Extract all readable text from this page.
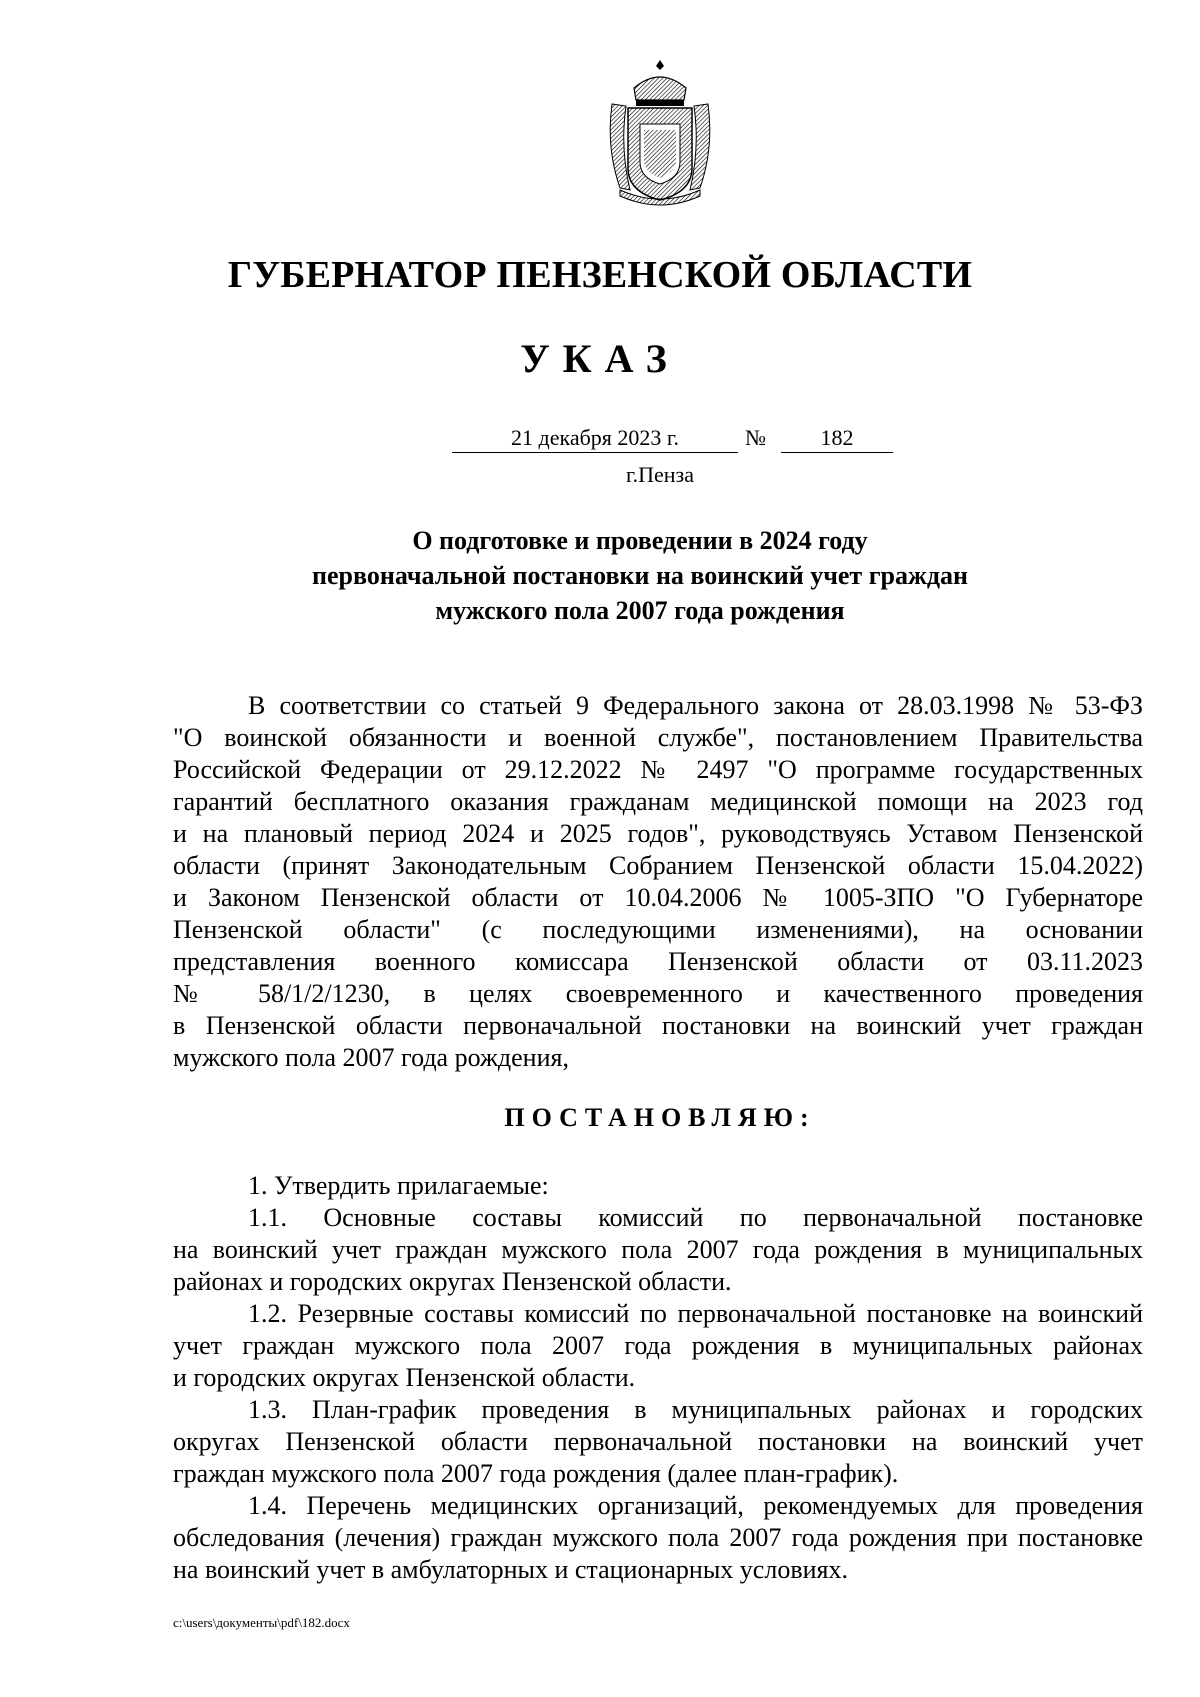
ГУБЕРНАТОР ПЕНЗЕНСКОЙ ОБЛАСТИ
УКАЗ
21 декабря 2023 г.	№	182
г.Пенза
О подготовке и проведении в 2024 году
первоначальной постановки на воинский учет граждан
мужского пола 2007 года рождения
В соответствии со статьей 9 Федерального закона от 28.03.1998 № 53-ФЗ
"О воинской обязанности и военной службе", постановлением Правительства
Российской Федерации от 29.12.2022 № 2497 "О программе государственных
гарантий бесплатного оказания гражданам медицинской помощи на 2023 год
и на плановый период 2024 и 2025 годов", руководствуясь Уставом Пензенской
области (принят Законодательным Собранием Пензенской области 15.04.2022)
и Законом Пензенской области от 10.04.2006 № 1005-ЗПО "О Губернаторе
Пензенской области" (с последующими изменениями), на основании
представления военного комиссара Пензенской области от 03.11.2023
№ 58/1/2/1230, в целях своевременного и качественного проведения
в Пензенской области первоначальной постановки на воинский учет граждан
мужского пола 2007 года рождения,
ПОСТАНОВЛЯЮ:
1. Утвердить прилагаемые:
1.1. Основные составы комиссий по первоначальной постановке
на воинский учет граждан мужского пола 2007 года рождения в муниципальных
районах и городских округах Пензенской области.
1.2. Резервные составы комиссий по первоначальной постановке на воинский
учет граждан мужского пола 2007 года рождения в муниципальных районах
и городских округах Пензенской области.
1.3. План-график проведения в муниципальных районах и городских
округах Пензенской области первоначальной постановки на воинский учет
граждан мужского пола 2007 года рождения (далее план-график).
1.4. Перечень медицинских организаций, рекомендуемых для проведения
обследования (лечения) граждан мужского пола 2007 года рождения при постановке
на воинский учет в амбулаторных и стационарных условиях.
c:\users\документы\pdf\182.docx
